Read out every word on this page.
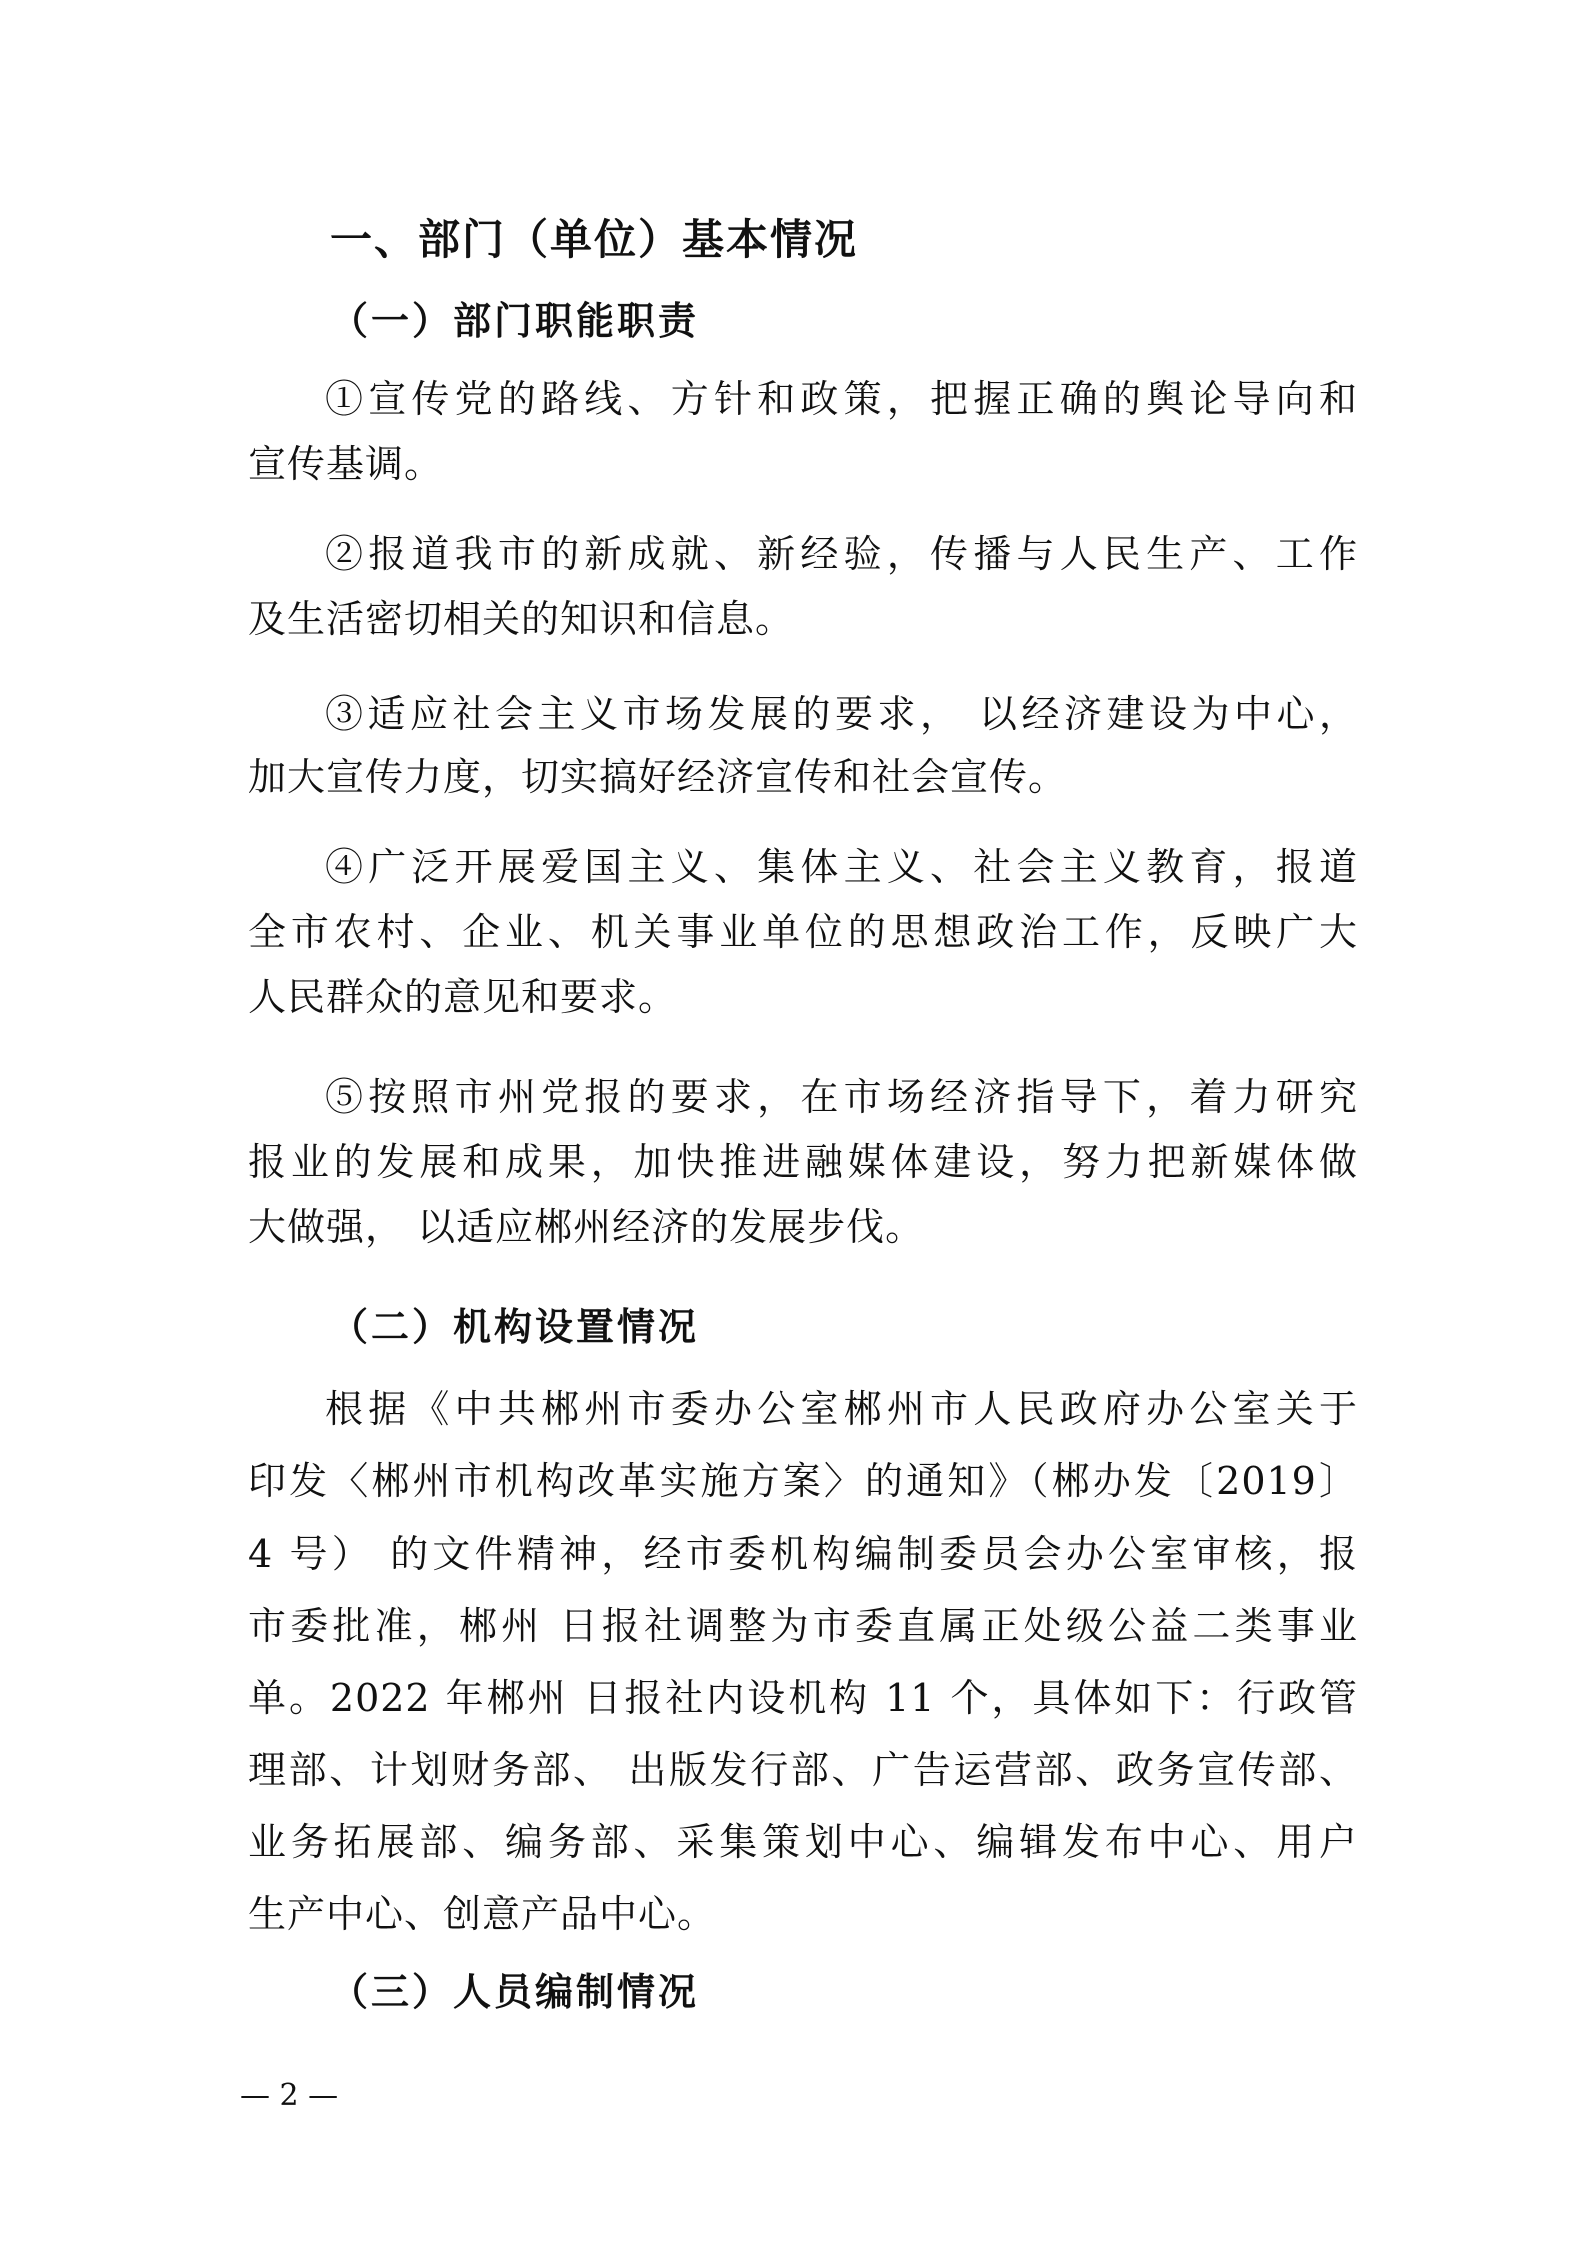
一、部门（单位）基本情况
（一）部门职能职责
①宣传党的路线、方针和政策，把握正确的舆论导向和
宣传基调。
②报道我市的新成就、新经验，传播与人民生产、工作
及生活密切相关的知识和信息。
③适应社会主义市场发展的要求， 以经济建设为中心，
加大宣传力度，切实搞好经济宣传和社会宣传。
④广泛开展爱国主义、集体主义、社会主义教育，报道
全市农村、企业、机关事业单位的思想政治工作，反映广大
人民群众的意见和要求。
⑤按照市州党报的要求，在市场经济指导下，着力研究
报业的发展和成果，加快推进融媒体建设，努力把新媒体做
大做强， 以适应郴州经济的发展步伐。
（二）机构设置情况
根据《中共郴州市委办公室郴州市人民政府办公室关于
印发〈郴州市机构改革实施方案〉的通知》（郴办发〔2019〕
4 号） 的文件精神，经市委机构编制委员会办公室审核，报
市委批准，郴州 日报社调整为市委直属正处级公益二类事业
单。2022 年郴州 日报社内设机构 11 个，具体如下：行政管
理部、计划财务部、 出版发行部、广告运营部、政务宣传部、
业务拓展部、编务部、采集策划中心、编辑发布中心、用户
生产中心、创意产品中心。
（三）人员编制情况
— 2 —
